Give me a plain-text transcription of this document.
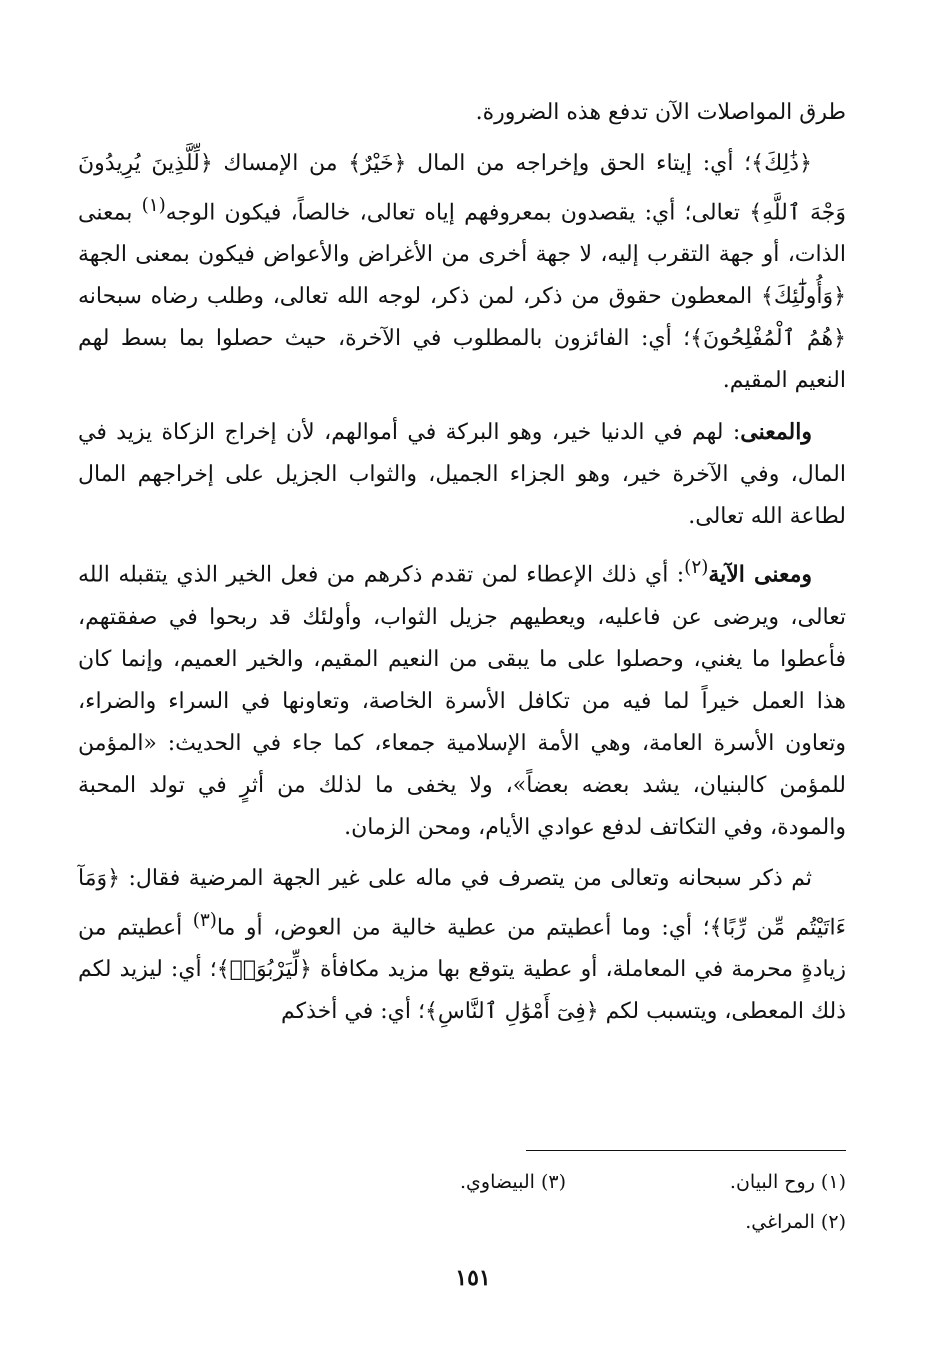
طرق المواصلات الآن تدفع هذه الضرورة.

﴿ذَٰلِكَ﴾؛ أي: إيتاء الحق وإخراجه من المال ﴿خَيْرٌ﴾ من الإمساك ﴿لِّلَّذِينَ يُرِيدُونَ وَجْهَ ٱللَّهِ﴾ تعالى؛ أي: يقصدون بمعروفهم إياه تعالى، خالصاً، فيكون الوجه$^{(١)}$ بمعنى الذات، أو جهة التقرب إليه، لا جهة أخرى من الأغراض والأعواض فيكون بمعنى الجهة ﴿وَأُولَٰٓئِكَ﴾ المعطون حقوق من ذكر، لمن ذكر، لوجه الله تعالى، وطلب رضاه سبحانه ﴿هُمُ ٱلْمُفْلِحُونَ﴾؛ أي: الفائزون بالمطلوب في الآخرة، حيث حصلوا بما بسط لهم النعيم المقيم.

والمعنى: لهم في الدنيا خير، وهو البركة في أموالهم، لأن إخراج الزكاة يزيد في المال، وفي الآخرة خير، وهو الجزاء الجميل، والثواب الجزيل على إخراجهم المال لطاعة الله تعالى.

ومعنى الآية$^{(٢)}$: أي ذلك الإعطاء لمن تقدم ذكرهم من فعل الخير الذي يتقبله الله تعالى، ويرضى عن فاعليه، ويعطيهم جزيل الثواب، وأولئك قد ربحوا في صفقتهم، فأعطوا ما يغني، وحصلوا على ما يبقى من النعيم المقيم، والخير العميم، وإنما كان هذا العمل خيراً لما فيه من تكافل الأسرة الخاصة، وتعاونها في السراء والضراء، وتعاون الأسرة العامة، وهي الأمة الإسلامية جمعاء، كما جاء في الحديث: «المؤمن للمؤمن كالبنيان، يشد بعضه بعضاً»، ولا يخفى ما لذلك من أثرٍ في تولد المحبة والمودة، وفي التكاتف لدفع عوادي الأيام، ومحن الزمان.

ثم ذكر سبحانه وتعالى من يتصرف في ماله على غير الجهة المرضية فقال: ﴿وَمَآ ءَاتَيْتُم مِّن رِّبًا﴾؛ أي: وما أعطيتم من عطية خالية من العوض، أو ما$^{(٣)}$ أعطيتم من زيادةٍ محرمة في المعاملة، أو عطية يتوقع بها مزيد مكافأة ﴿لِّيَرْبُوَا۟﴾؛ أي: ليزيد لكم ذلك المعطى، ويتسبب لكم ﴿فِىٓ أَمْوَٰلِ ٱلنَّاسِ﴾؛ أي: في أخذكم

(١) روح البيان.(٣) البيضاوي.
(٢) المراغي.
١٥١
